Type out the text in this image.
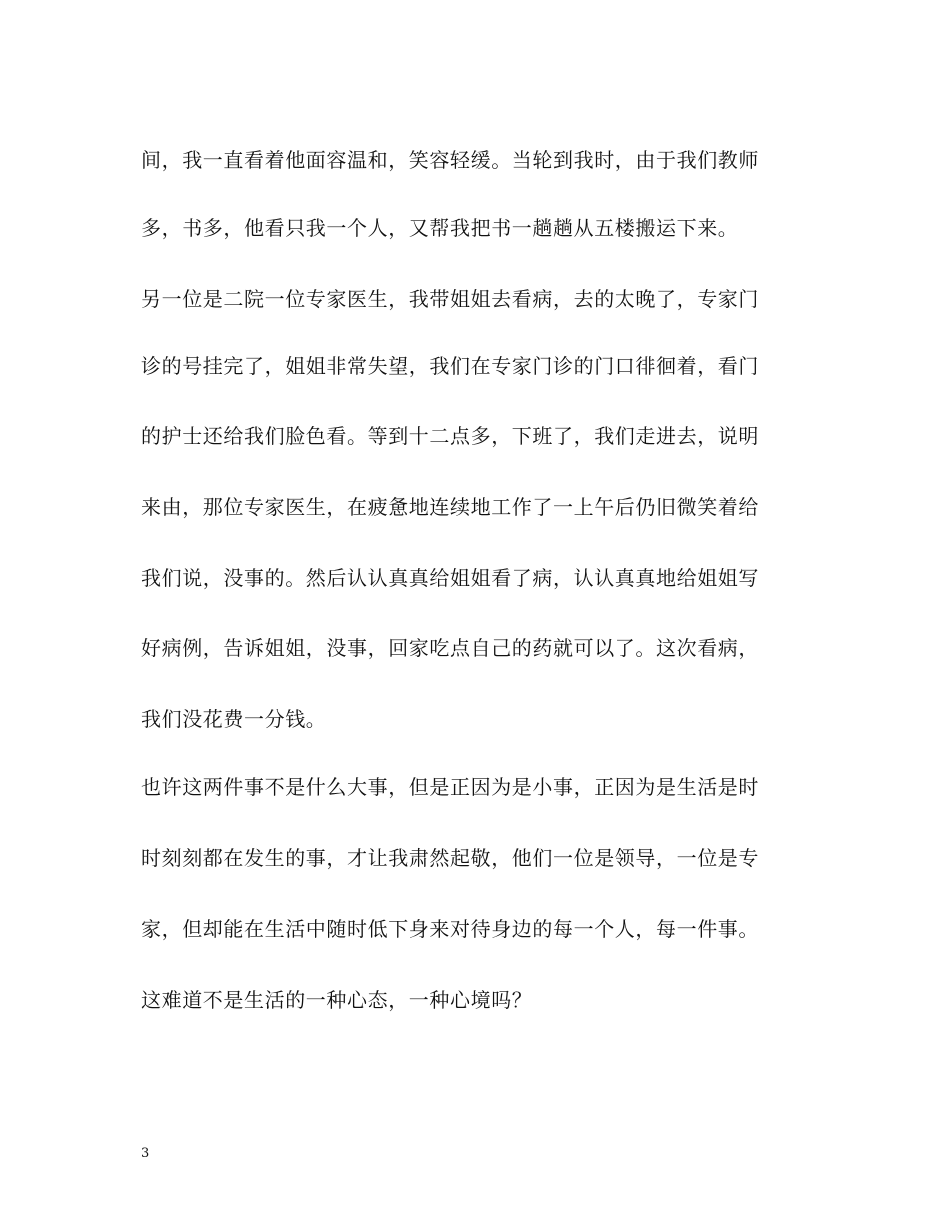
间，我一直看着他面容温和，笑容轻缓。当轮到我时，由于我们教师
多，书多，他看只我一个人，又帮我把书一趟趟从五楼搬运下来。
另一位是二院一位专家医生，我带姐姐去看病，去的太晚了，专家门
诊的号挂完了，姐姐非常失望，我们在专家门诊的门口徘徊着，看门
的护士还给我们脸色看。等到十二点多，下班了，我们走进去，说明
来由，那位专家医生，在疲惫地连续地工作了一上午后仍旧微笑着给
我们说，没事的。然后认认真真给姐姐看了病，认认真真地给姐姐写
好病例，告诉姐姐，没事，回家吃点自己的药就可以了。这次看病，
我们没花费一分钱。
也许这两件事不是什么大事，但是正因为是小事，正因为是生活是时
时刻刻都在发生的事，才让我肃然起敬，他们一位是领导，一位是专
家，但却能在生活中随时低下身来对待身边的每一个人，每一件事。
这难道不是生活的一种心态，一种心境吗？
3
